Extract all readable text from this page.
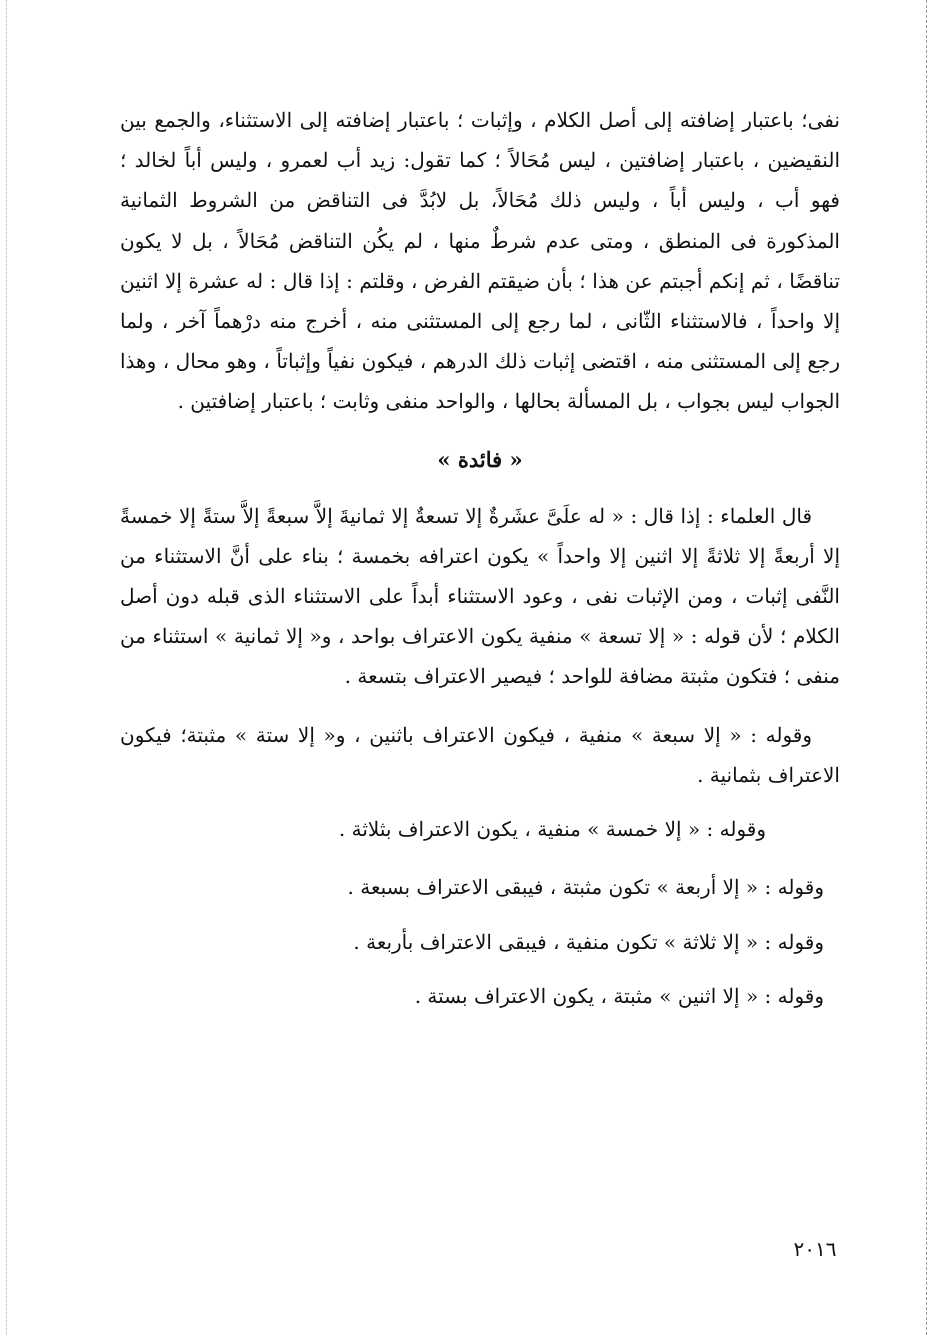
نفى؛ باعتبار إضافته إلى أصل الكلام ، وإثبات ؛ باعتبار إضافته إلى الاستثناء، والجمع بين النقيضين ، باعتبار إضافتين ، ليس مُحَالاً ؛ كما تقول: زيد أب لعمرو ، وليس أباً لخالد ؛ فهو أب ، وليس أباً ، وليس ذلك مُحَالاً، بل لابُدَّ فى التناقض من الشروط الثمانية المذكورة فى المنطق ، ومتى عدم شرطٌ منها ، لم يكُن التناقض مُحَالاً ، بل لا يكون تناقضًا ، ثم إنكم أجبتم عن هذا ؛ بأن ضيقتم الفرض ، وقلتم : إذا قال : له عشرة إلا اثنين إلا واحداً ، فالاستثناء الثّانى ، لما رجع إلى المستثنى منه ، أخرج منه درْهماً آخر ، ولما رجع إلى المستثنى منه ، اقتضى إثبات ذلك الدرهم ، فيكون نفياً وإثباتاً ، وهو محال ، وهذا الجواب ليس بجواب ، بل المسألة بحالها ، والواحد منفى وثابت ؛ باعتبار إضافتين .

« فائدة »

قال العلماء : إذا قال : « له علَىَّ عشَرةٌ إلا تسعةٌ إلا ثمانيةَ إلاَّ سبعةً إلاَّ ستةً إلا خمسةً إلا أربعةً إلا ثلاثةً إلا اثنين إلا واحداً » يكون اعترافه بخمسة ؛ بناء على أنَّ الاستثناء من النَّفى إثبات ، ومن الإثبات نفى ، وعود الاستثناء أبداً على الاستثناء الذى قبله دون أصل الكلام ؛ لأن قوله : « إلا تسعة » منفية يكون الاعتراف بواحد ، و« إلا ثمانية » استثناء من منفى ؛ فتكون مثبتة مضافة للواحد ؛ فيصير الاعتراف بتسعة .

وقوله : « إلا سبعة » منفية ، فيكون الاعتراف باثنين ، و« إلا ستة » مثبتة؛ فيكون الاعتراف بثمانية .

وقوله : « إلا خمسة » منفية ، يكون الاعتراف بثلاثة .

وقوله : « إلا أربعة » تكون مثبتة ، فيبقى الاعتراف بسبعة .

وقوله : « إلا ثلاثة » تكون منفية ، فيبقى الاعتراف بأربعة .

وقوله : « إلا اثنين » مثبتة ، يكون الاعتراف بستة .

٢٠١٦
